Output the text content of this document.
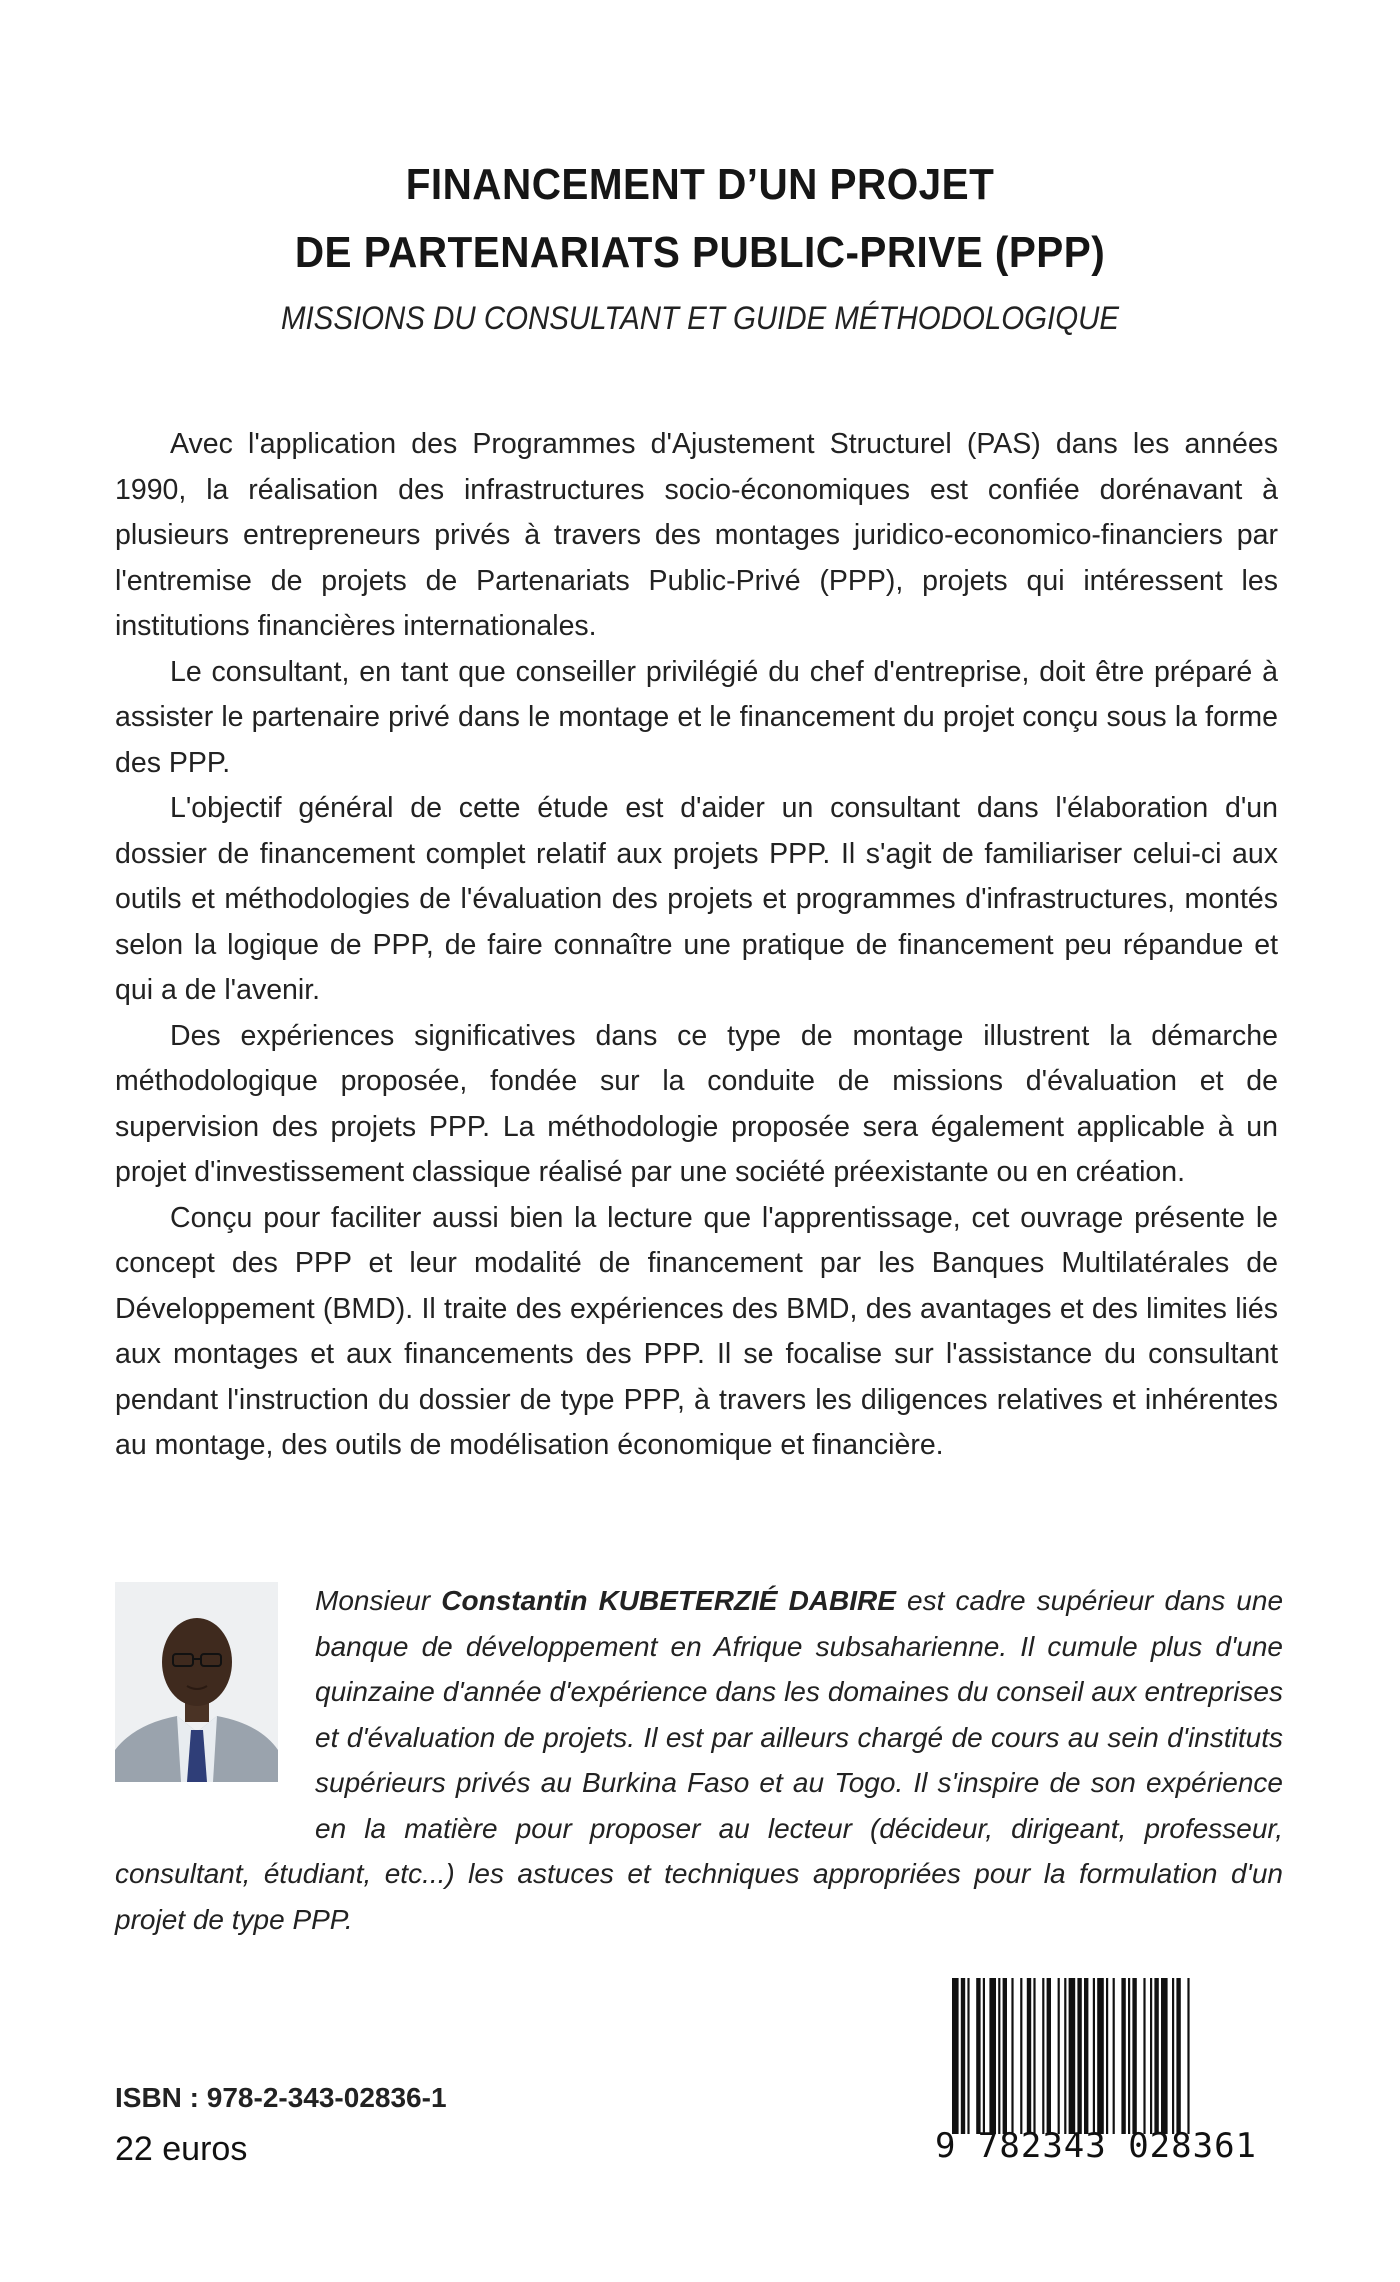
FINANCEMENT D’UN PROJET
DE PARTENARIATS PUBLIC-PRIVE (PPP)
MISSIONS DU CONSULTANT ET GUIDE MÉTHODOLOGIQUE

Avec l'application des Programmes d'Ajustement Structurel (PAS) dans les années 1990, la réalisation des infrastructures socio-économiques est confiée dorénavant à plusieurs entrepreneurs privés à travers des montages juridico-economico-financiers par l'entremise de projets de Partenariats Public-Privé (PPP), projets qui intéressent les institutions financières internationales.

Le consultant, en tant que conseiller privilégié du chef d'entreprise, doit être préparé à assister le partenaire privé dans le montage et le financement du projet conçu sous la forme des PPP.

L'objectif général de cette étude est d'aider un consultant dans l'élaboration d'un dossier de financement complet relatif aux projets PPP. Il s'agit de familiariser celui-ci aux outils et méthodologies de l'évaluation des projets et programmes d'infrastructures, montés selon la logique de PPP, de faire connaître une pratique de financement peu répandue et qui a de l'avenir.

Des expériences significatives dans ce type de montage illustrent la démarche méthodologique proposée, fondée sur la conduite de missions d'évaluation et de supervision des projets PPP. La méthodologie proposée sera également applicable à un projet d'investissement classique réalisé par une société préexistante ou en création.

Conçu pour faciliter aussi bien la lecture que l'apprentissage, cet ouvrage présente le concept des PPP et leur modalité de financement par les Banques Multilatérales de Développement (BMD). Il traite des expériences des BMD, des avantages et des limites liés aux montages et aux financements des PPP. Il se focalise sur l'assistance du consultant pendant l'instruction du dossier de type PPP, à travers les diligences relatives et inhérentes au montage, des outils de modélisation économique et financière.

Monsieur Constantin KUBETERZIÉ DABIRE est cadre supérieur dans une banque de développement en Afrique subsaharienne. Il cumule plus d'une quinzaine d'année d'expérience dans les domaines du conseil aux entreprises et d'évaluation de projets. Il est par ailleurs chargé de cours au sein d'instituts supérieurs privés au Burkina Faso et au Togo. Il s'inspire de son expérience en la matière pour proposer au lecteur (décideur, dirigeant, professeur, consultant, étudiant, etc...) les astuces et techniques appropriées pour la formulation d'un projet de type PPP.
ISBN : 978-2-343-02836-1
22 euros	9 782343 028361
